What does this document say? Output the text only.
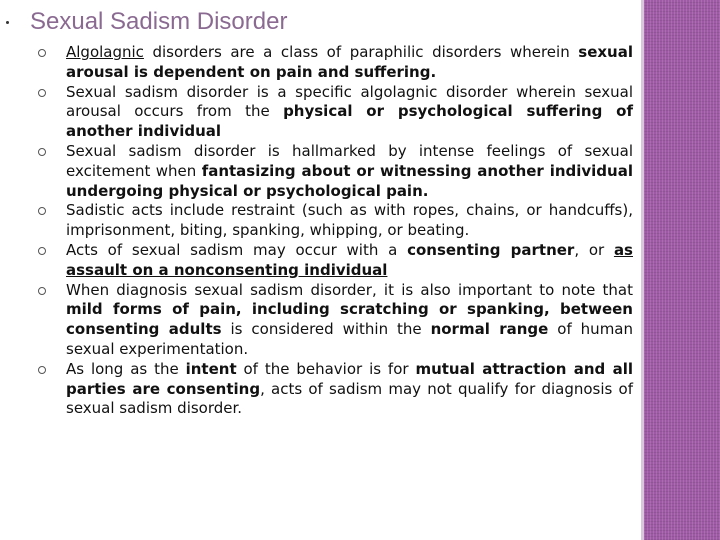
Sexual Sadism Disorder
Algolagnic disorders are a class of paraphilic disorders wherein sexual arousal is dependent on pain and suffering.
Sexual sadism disorder is a specific algolagnic disorder wherein sexual arousal occurs from the physical or psychological suffering of another individual
Sexual sadism disorder is hallmarked by intense feelings of sexual excitement when fantasizing about or witnessing another individual undergoing physical or psychological pain.
Sadistic acts include restraint (such as with ropes, chains, or handcuffs), imprisonment, biting, spanking, whipping, or beating.
Acts of sexual sadism may occur with a consenting partner, or as assault on a nonconsenting individual
When diagnosis sexual sadism disorder, it is also important to note that mild forms of pain, including scratching or spanking, between consenting adults is considered within the normal range of human sexual experimentation.
As long as the intent of the behavior is for mutual attraction and all parties are consenting, acts of sadism may not qualify for diagnosis of sexual sadism disorder.
